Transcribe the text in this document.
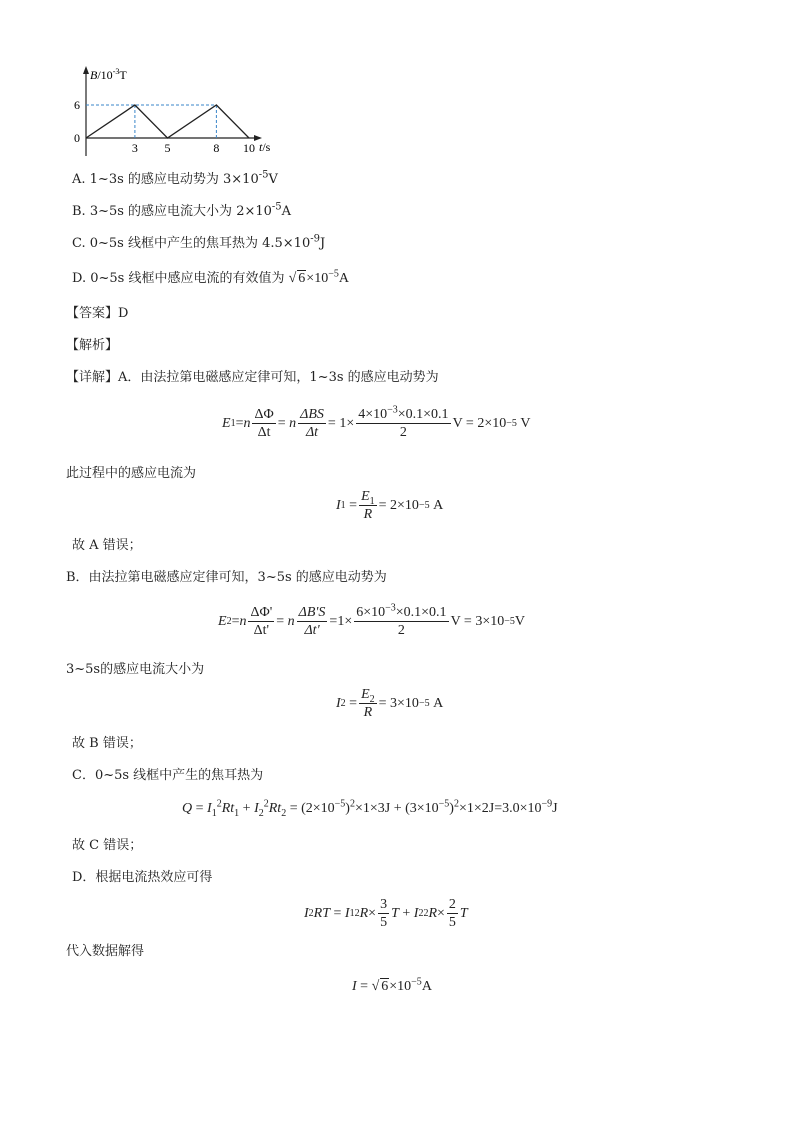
3 5	8 10
0
6
$B/10^{-3}T$
t/s
A. 1~3s 的感应电动势为 $3\times 10^{-5}V$
B. 3~5s 的感应电流大小为 $2\times 10^{-5}A$
C. 0~5s 线框中产生的焦耳热为 $4.5\times 10^{-9}J$
D. 0~5s 线框中感应电流的有效值为 √ $6\times 10^{-5}A$
【答案】D
【解析】
【详解】A．由法拉第电磁感应定律可知，1~3s 的感应电动势为
E 1 = n $\frac{\Delta\Phi}{\Delta t}$ =
n $\frac{\text{ΔBS}}{\Delta t} = 1\times \frac{4\times 10^{-3}\times 0.1\times 0.1}{2}$ V = 2×10 −5
V
此过程中的感应电流为
I $1 = \frac{E_1}{R} = 2\times 10 -5$
A
故 A 错误；
B．由法拉第电磁感应定律可知，3~5s 的感应电动势为
E 2 = n $\frac{\Delta\Phi'}{\Delta t'} = n \frac{\Delta B'S}{\Delta t'} = 1\times \frac{6\times 10^{-3}\times 0.1\times 0.1}{2}$ V = 3×10 −5 V
3~5s的感应电流大小为
I $2 = \frac{E_2}{R} = 3\times 10 -5$
A
故 B 错误；
C．0~5s 线框中产生的焦耳热为
$Q = I_1^2Rt_1 + I_2^2Rt_2 = (2\times 10^{-5})^2\times 1\times 3J + (3\times 10^{-5})^2\times 1\times 2J=3.0\times 10^{-9}J$
故 C 错误；
D．根据电流热效应可得
I 2 RT = I 1 2 $R \times \frac{3}{5}$ T + I 2 2 $R \times \frac{2}{5}$ T
代入数据解得
I = √ $6\times 10^{-5}A$
